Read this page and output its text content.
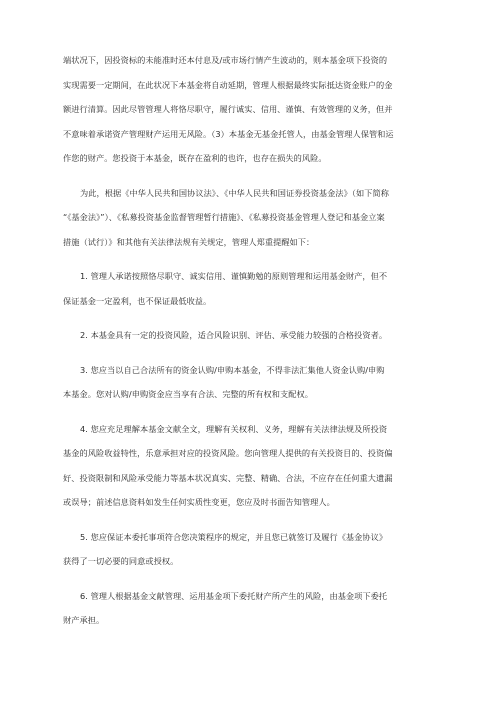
端状况下，因投资标的未能准时还本付息及/或市场行情产生波动的，则本基金项下投资的

实现需要一定期间，在此状况下本基金将自动延期，管理人根据最终实际抵达资金账户的金

额进行清算。因此尽管管理人将恪尽职守，履行诚实、信用、谨慎、有效管理的义务，但并

不意味着承诺资产管理财产运用无风险。（3）本基金无基金托管人，由基金管理人保管和运

作您的财产。您投资于本基金，既存在盈利的也许，也存在损失的风险。

为此，根据《中华人民共和国协议法》、《中华人民共和国证券投资基金法》（如下简称

“《基金法》”）、《私募投资基金监督管理暂行措施》、《私募投资基金管理人登记和基金立案

措施（试行）》和其他有关法律法规有关规定，管理人郑重提醒如下：

1. 管理人承诺按照恪尽职守、诚实信用、谨慎勤勉的原则管理和运用基金财产，但不

保证基金一定盈利，也不保证最低收益。

2. 本基金具有一定的投资风险，适合风险识别、评估、承受能力较强的合格投资者。

3. 您应当以自己合法所有的资金认购/申购本基金，不得非法汇集他人资金认购/申购

本基金。您对认购/申购资金应当享有合法、完整的所有权和支配权。

4. 您应充足理解本基金文献全文，理解有关权利、义务，理解有关法律法规及所投资

基金的风险收益特性，乐意承担对应的投资风险。您向管理人提供的有关投资目的、投资偏

好、投资限制和风险承受能力等基本状况真实、完整、精确、合法，不应存在任何重大遗漏

或误导；前述信息资料如发生任何实质性变更，您应及时书面告知管理人。

5. 您应保证本委托事项符合您决策程序的规定，并且您已就签订及履行《基金协议》

获得了一切必要的同意或授权。

6. 管理人根据基金文献管理、运用基金项下委托财产所产生的风险，由基金项下委托

财产承担。
